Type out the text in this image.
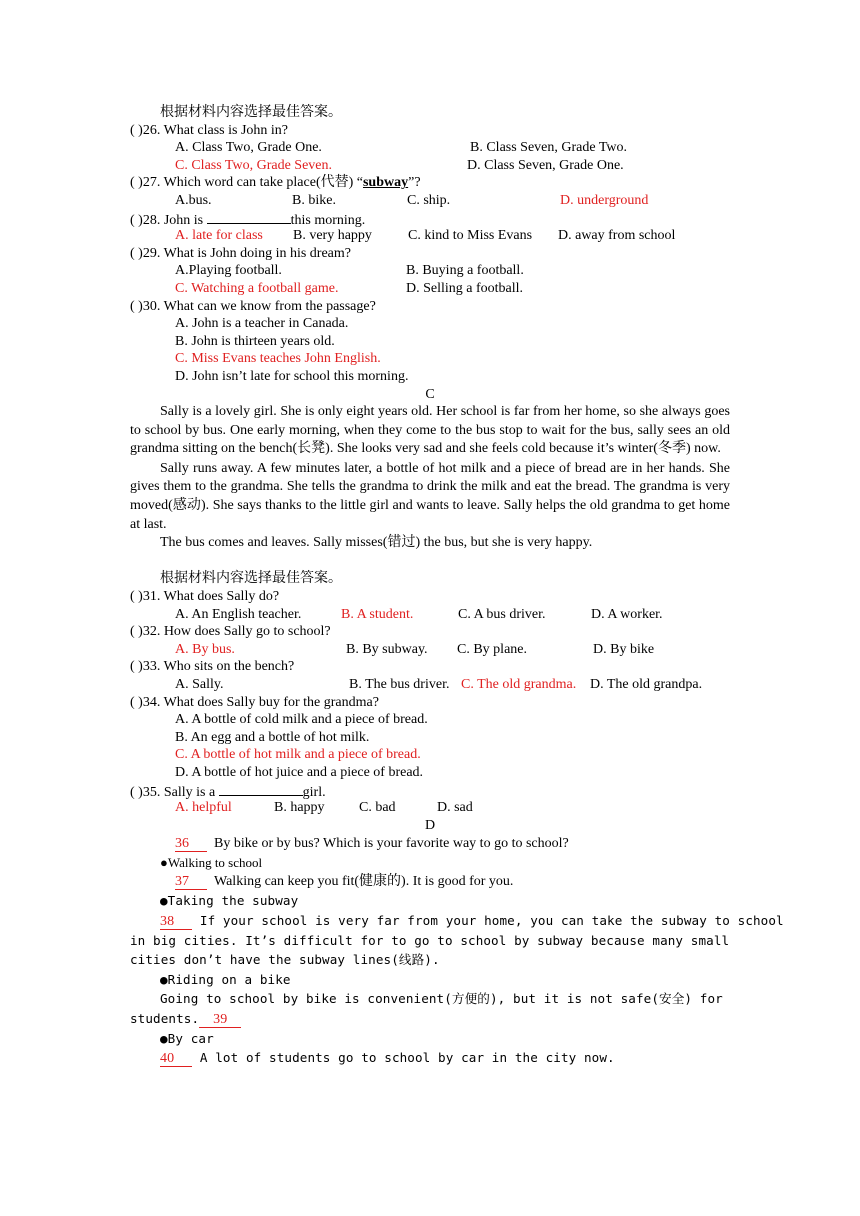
根据材料内容选择最佳答案。
( )26. What class is John in?
A. Class Two, Grade One.	B. Class Seven, Grade Two.
C. Class Two, Grade Seven.	D. Class Seven, Grade One.
( )27. Which word can take place(代替) “subway”?
A.bus.	B. bike.	C. ship.	D. underground
( )28. John is	this morning.
A. late for class B. very happy	C. kind to Miss Evans D. away from school
( )29. What is John doing in his dream?
A.Playing football.	B. Buying a football.
C. Watching a football game.	D. Selling a football.
( )30. What can we know from the passage?
A. John is a teacher in Canada.
B. John is thirteen years old.
C. Miss Evans teaches John English.
D. John isn’t late for school this morning.
C

Sally is a lovely girl. She is only eight years old. Her school is far from her home, so she always goes to school by bus. One early morning, when they come to the bus stop to wait for the bus, sally sees an old grandma sitting on the bench(长凳). She looks very sad and she feels cold because it’s winter(冬季) now.

Sally runs away. A few minutes later, a bottle of hot milk and a piece of bread are in her hands. She gives them to the grandma. She tells the grandma to drink the milk and eat the bread. The grandma is very moved(感动). She says thanks to the little girl and wants to leave. Sally helps the old grandma to get home at last.

The bus comes and leaves. Sally misses(错过) the bus, but she is very happy.

根据材料内容选择最佳答案。
( )31. What does Sally do?
A. An English teacher.	B. A student.	C. A bus driver.	D. A worker.
( )32. How does Sally go to school?
A. By bus.	B. By subway. C. By plane.	D. By bike
( )33. Who sits on the bench?
A. Sally.	B. The bus driver. C. The old grandma. D. The old grandpa.
( )34. What does Sally buy for the grandma?
A. A bottle of cold milk and a piece of bread.
B. An egg and a bottle of hot milk.
C. A bottle of hot milk and a piece of bread.
D. A bottle of hot juice and a piece of bread.
( )35. Sally is a	girl.
A. helpful	B. happy C. bad	D. sad
D
36 By bike or by bus? Which is your favorite way to go to school?
●Walking to school
37 Walking can keep you fit(健康的). It is good for you.
●Taking the subway
38 If your school is very far from your home, you can take the subway to school
in big cities. It’s difficult for to go to school by subway because many small
cities don’t have the subway lines(线路).
●Riding on a bike
Going to school by bike is convenient(方便的), but it is not safe(安全) for
students. 39
●By car
40 A lot of students go to school by car in the city now.
